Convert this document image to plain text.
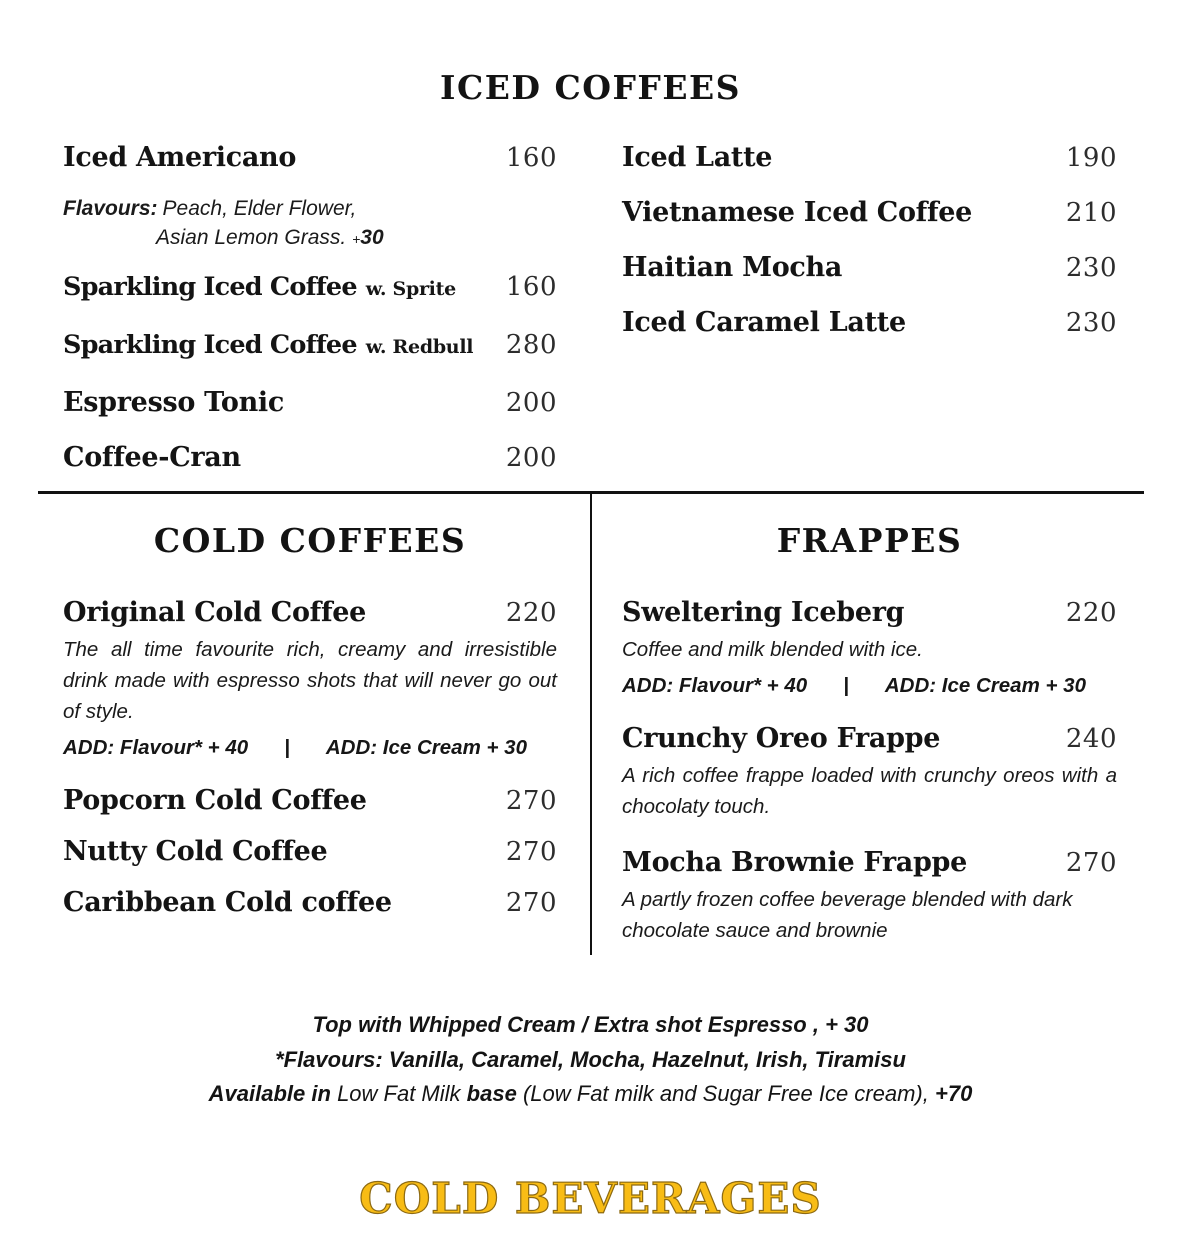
ICED COFFEES
Iced Americano	160
Flavours: Peach, Elder Flower,
Asian Lemon Grass. +30
Sparkling Iced Coffee w. Sprite 160
Sparkling Iced Coffee w. Redbull 280
Espresso Tonic	200
Coffee-Cran	200
Iced Latte	190
Vietnamese Iced Coffee	210
Haitian Mocha	230
Iced Caramel Latte	230
COLD COFFEES
Original Cold Coffee	220
The all time favourite rich, creamy and irresistible drink made with espresso shots that will never go out of style.
ADD: Flavour* + 40 | ADD: Ice Cream + 30
Popcorn Cold Coffee	270
Nutty Cold Coffee	270
Caribbean Cold coffee	270
FRAPPES
Sweltering Iceberg	220
Coffee and milk blended with ice.
ADD: Flavour* + 40 | ADD: Ice Cream + 30
Crunchy Oreo Frappe	240
A rich coffee frappe loaded with crunchy oreos with a chocolaty touch.
Mocha Brownie Frappe	270
A partly frozen coffee beverage blended with dark chocolate sauce and brownie
Top with Whipped Cream / Extra shot Espresso , + 30
*Flavours: Vanilla, Caramel, Mocha, Hazelnut, Irish, Tiramisu
Available in Low Fat Milk base (Low Fat milk and Sugar Free Ice cream), +70
COLD BEVERAGES
